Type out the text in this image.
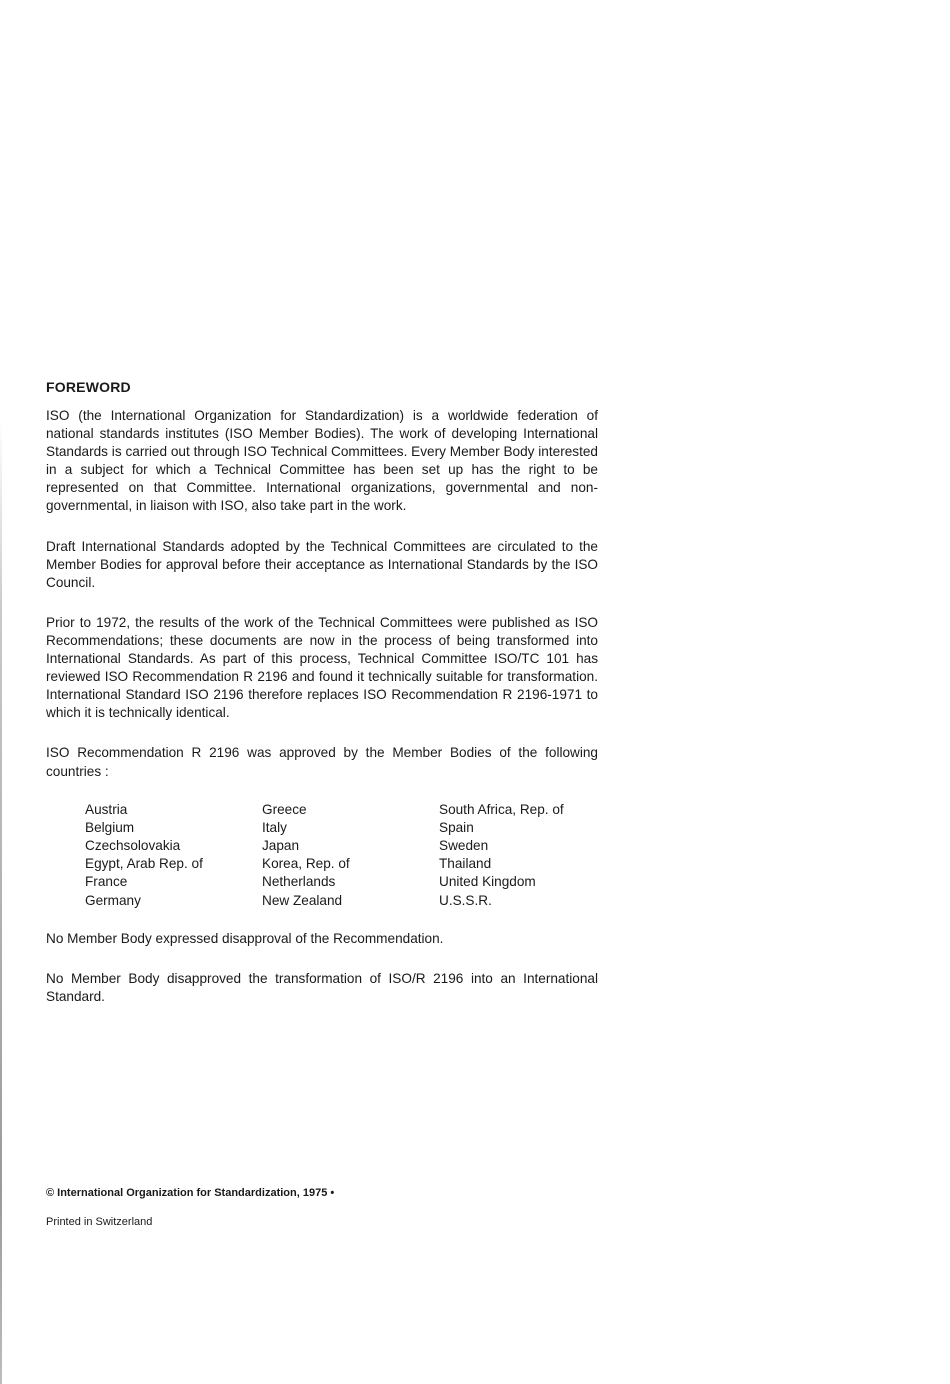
FOREWORD

ISO (the International Organization for Standardization) is a worldwide federation of national standards institutes (ISO Member Bodies). The work of developing International Standards is carried out through ISO Technical Committees. Every Member Body interested in a subject for which a Technical Committee has been set up has the right to be represented on that Committee. International organizations, governmental and non-governmental, in liaison with ISO, also take part in the work.

Draft International Standards adopted by the Technical Committees are circulated to the Member Bodies for approval before their acceptance as International Standards by the ISO Council.

Prior to 1972, the results of the work of the Technical Committees were published as ISO Recommendations; these documents are now in the process of being transformed into International Standards. As part of this process, Technical Committee ISO/TC 101 has reviewed ISO Recommendation R 2196 and found it technically suitable for transformation. International Standard ISO 2196 therefore replaces ISO Recommendation R 2196-1971 to which it is technically identical.

ISO Recommendation R 2196 was approved by the Member Bodies of the following countries :

Austria
Belgium
Czechsolovakia
Egypt, Arab Rep. of
France
Germany
Greece
Italy
Japan
Korea, Rep. of
Netherlands
New Zealand
South Africa, Rep. of
Spain
Sweden
Thailand
United Kingdom
U.S.S.R.

No Member Body expressed disapproval of the Recommendation.

No Member Body disapproved the transformation of ISO/R 2196 into an International Standard.

© International Organization for Standardization, 1975 •
Printed in Switzerland
